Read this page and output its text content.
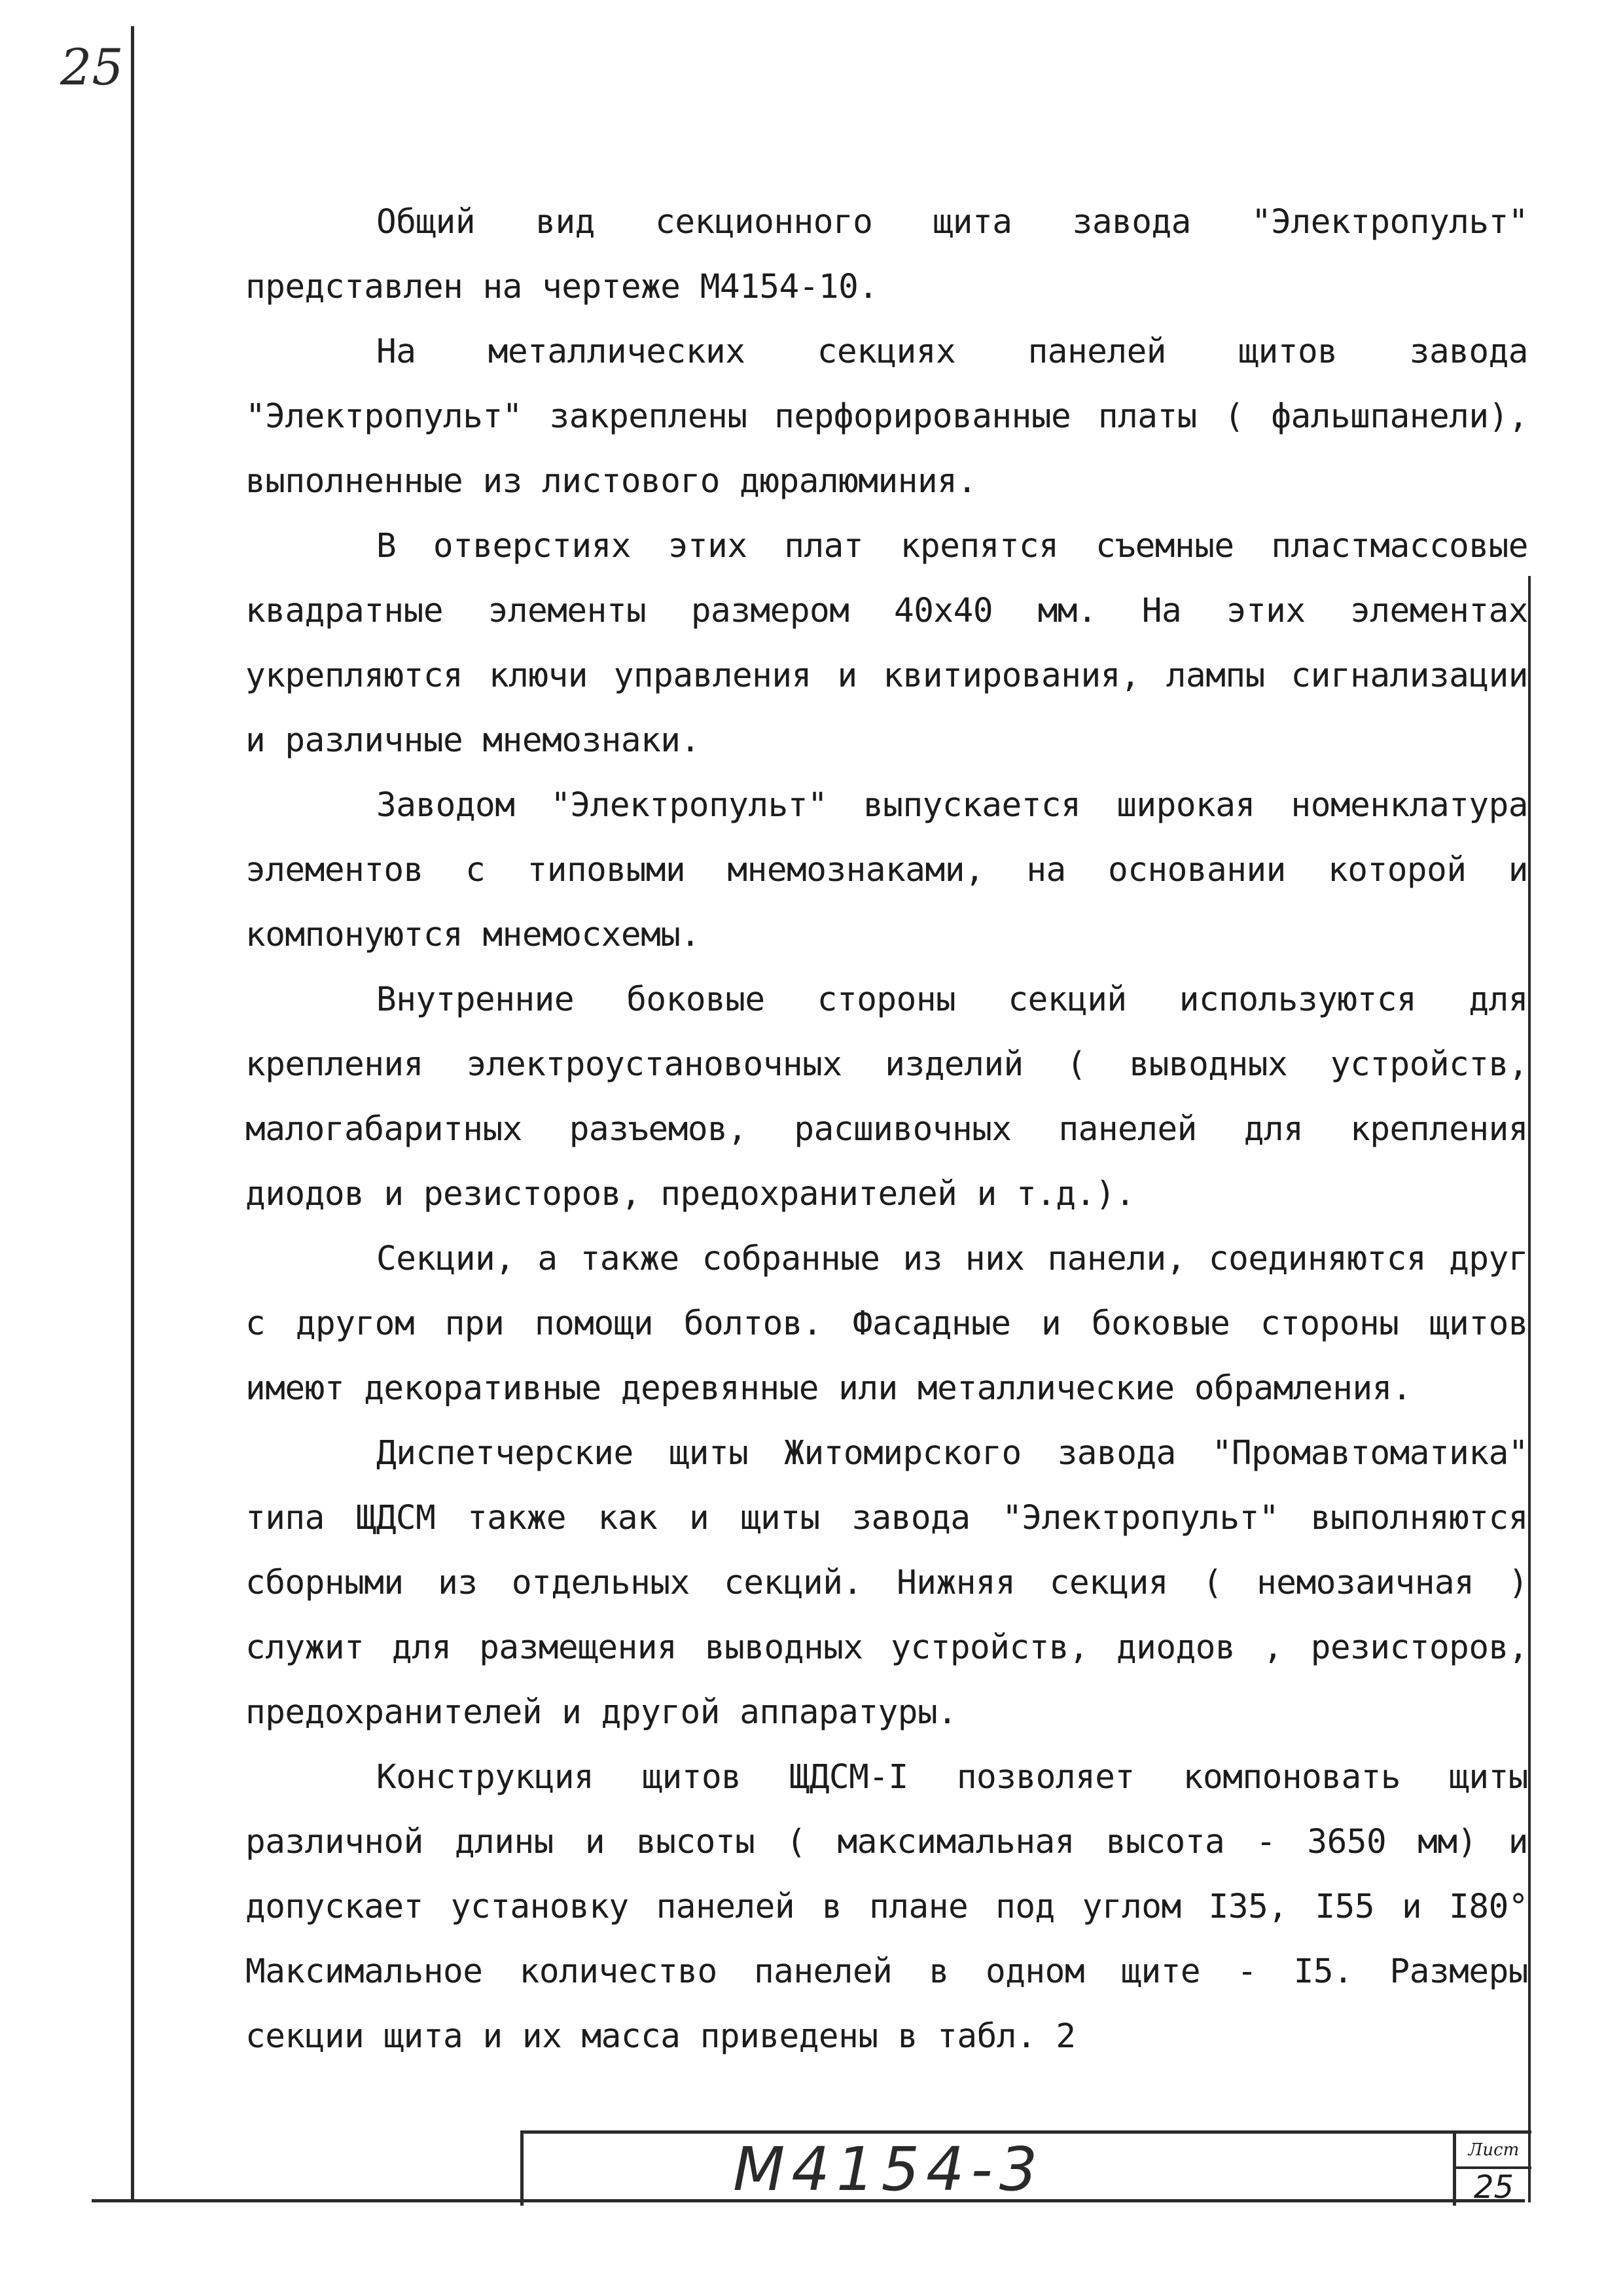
25

Общий вид секционного щита завода "Электропульт" представлен на чертеже М4154-10.

На металлических секциях панелей щитов завода "Электропульт" закреплены перфорированные платы ( фальшпанели), выполненные из листового дюралюминия.

В отверстиях этих плат крепятся съемные пластмассовые квадратные элементы размером 40х40 мм. На этих элементах укрепляются ключи управления и квитирования, лампы сигнализации и различные мнемознаки.

Заводом "Электропульт" выпускается широкая номенклатура элементов с типовыми мнемознаками, на основании которой и компонуются мнемосхемы.

Внутренние боковые стороны секций используются для крепления электроустановочных изделий ( выводных устройств, малогабаритных разъемов, расшивочных панелей для крепления диодов и резисторов, предохранителей и т.д.).

Секции, а также собранные из них панели, соединяются друг с другом при помощи болтов. Фасадные и боковые стороны щитов имеют декоративные деревянные или металлические обрамления.

Диспетчерские щиты Житомирского завода "Промавтоматика" типа ЩДСМ также как и щиты завода "Электропульт" выполняются сборными из отдельных секций. Нижняя секция ( немозаичная ) служит для размещения выводных устройств, диодов , резисторов, предохранителей и другой аппаратуры.

Конструкция щитов ЩДСМ-I позволяет компоновать щиты различной длины и высоты ( максимальная высота - 3650 мм) и допускает установку панелей в плане под углом I35, I55 и I80° Максимальное количество панелей в одном щите - I5. Размеры секции щита и их масса приведены в табл. 2

М4154-3	Лист
25
